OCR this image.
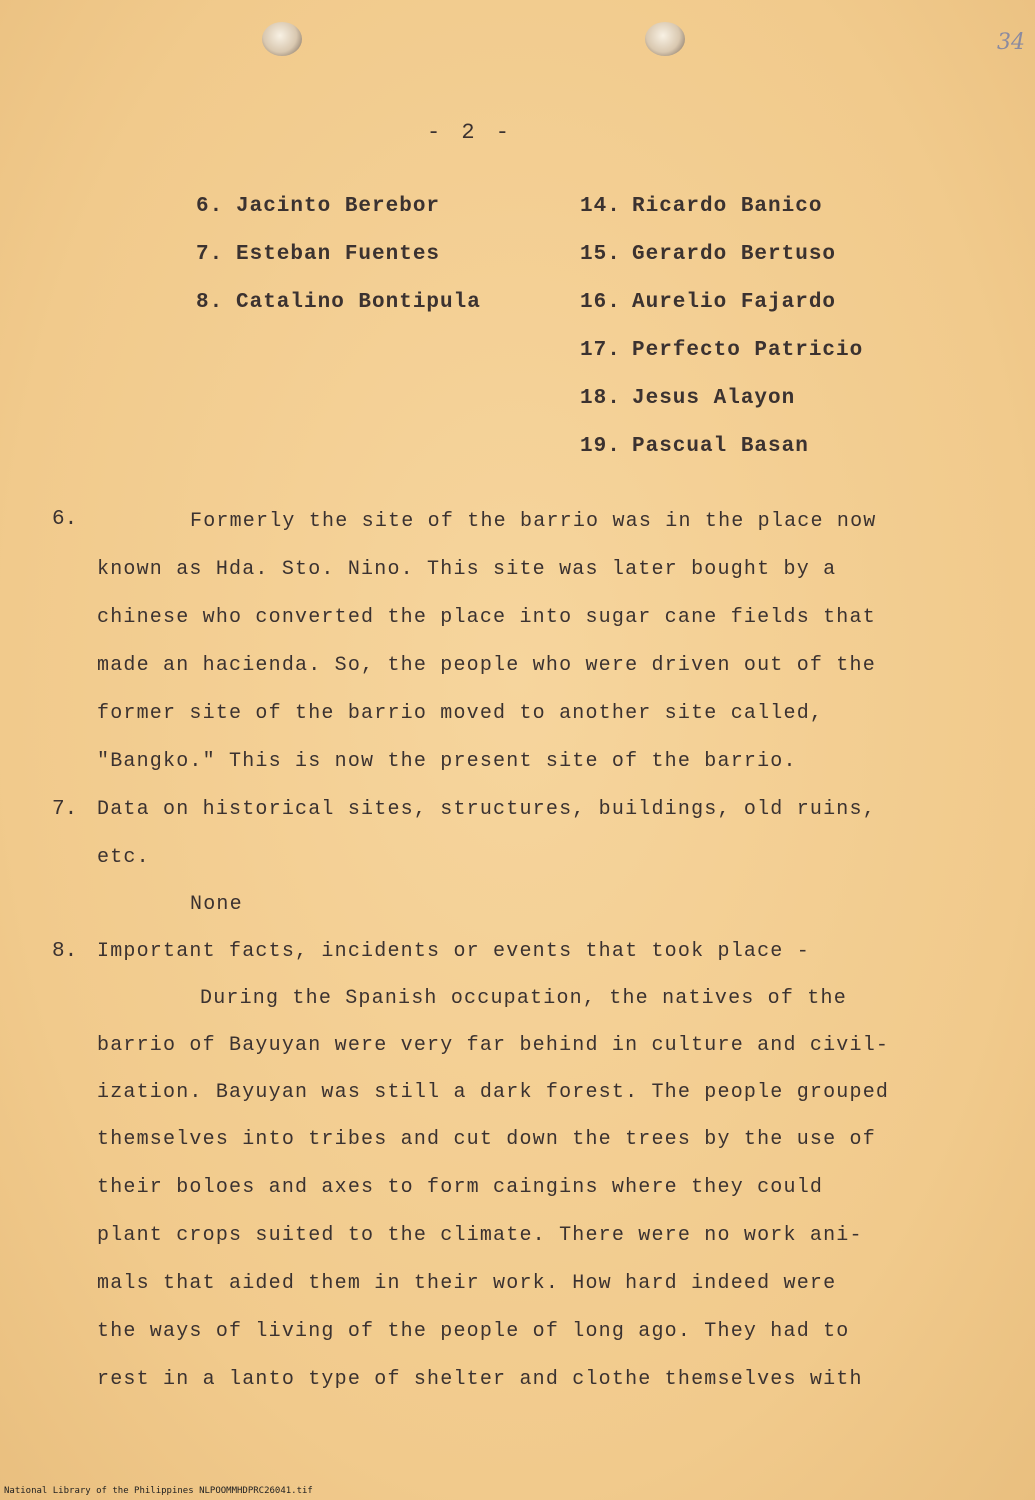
34
- 2 -
6. Jacinto Berebor
7. Esteban Fuentes
8. Catalino Bontipula
14. Ricardo Banico
15. Gerardo Bertuso
16. Aurelio Fajardo
17. Perfecto Patricio
18. Jesus Alayon
19. Pascual Basan
6.	Formerly the site of the barrio was in the place now
known as Hda. Sto. Nino. This site was later bought by a
chinese who converted the place into sugar cane fields that
made an hacienda. So, the people who were driven out of the
former site of the barrio moved to another site called,
"Bangko." This is now the present site of the barrio.
7. Data on historical sites, structures, buildings, old ruins,
etc.
None
8. Important facts, incidents or events that took place -
During the Spanish occupation, the natives of the
barrio of Bayuyan were very far behind in culture and civil-
ization. Bayuyan was still a dark forest. The people grouped
themselves into tribes and cut down the trees by the use of
their boloes and axes to form caingins where they could
plant crops suited to the climate. There were no work ani-
mals that aided them in their work. How hard indeed were
the ways of living of the people of long ago. They had to
rest in a lanto type of shelter and clothe themselves with
National Library of the Philippines NLPOOMMHDPRC26041.tif
